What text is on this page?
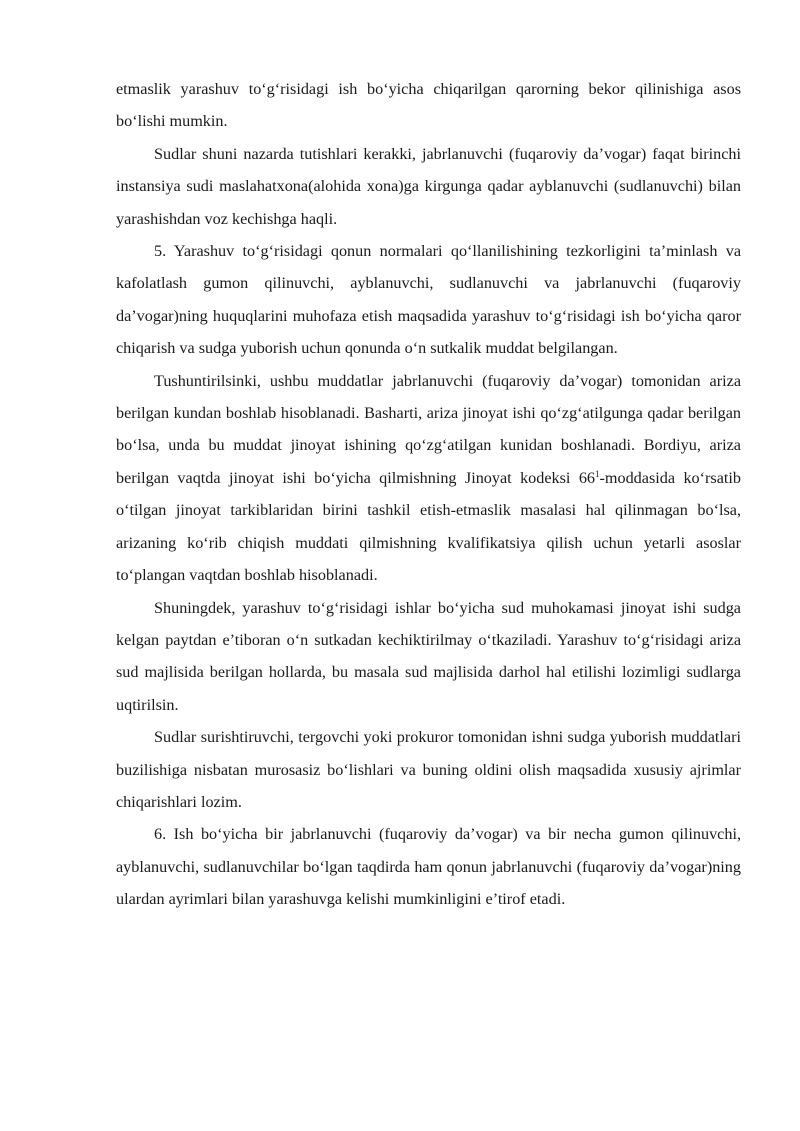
etmaslik yarashuv to‘g‘risidagi ish bo‘yicha chiqarilgan qarorning bekor qilinishiga asos bo‘lishi mumkin.

Sudlar shuni nazarda tutishlari kerakki, jabrlanuvchi (fuqaroviy da’vogar) faqat birinchi instansiya sudi maslahatxona(alohida xona)ga kirgunga qadar ayblanuvchi (sudlanuvchi) bilan yarashishdan voz kechishga haqli.

5. Yarashuv to‘g‘risidagi qonun normalari qo‘llanilishining tezkorligini ta’minlash va kafolatlash gumon qilinuvchi, ayblanuvchi, sudlanuvchi va jabrlanuvchi (fuqaroviy da’vogar)ning huquqlarini muhofaza etish maqsadida yarashuv to‘g‘risidagi ish bo‘yicha qaror chiqarish va sudga yuborish uchun qonunda o‘n sutkalik muddat belgilangan.

Tushuntirilsinki, ushbu muddatlar jabrlanuvchi (fuqaroviy da’vogar) tomonidan ariza berilgan kundan boshlab hisoblanadi. Basharti, ariza jinoyat ishi qo‘zg‘atilgunga qadar berilgan bo‘lsa, unda bu muddat jinoyat ishining qo‘zg‘atilgan kunidan boshlanadi. Bordiyu, ariza berilgan vaqtda jinoyat ishi bo‘yicha qilmishning Jinoyat kodeksi $66^1$-moddasida ko‘rsatib o‘tilgan jinoyat tarkiblaridan birini tashkil etish-etmaslik masalasi hal qilinmagan bo‘lsa, arizaning ko‘rib chiqish muddati qilmishning kvalifikatsiya qilish uchun yetarli asoslar to‘plangan vaqtdan boshlab hisoblanadi.

Shuningdek, yarashuv to‘g‘risidagi ishlar bo‘yicha sud muhokamasi jinoyat ishi sudga kelgan paytdan e’tiboran o‘n sutkadan kechiktirilmay o‘tkaziladi. Yarashuv to‘g‘risidagi ariza sud majlisida berilgan hollarda, bu masala sud majlisida darhol hal etilishi lozimligi sudlarga uqtirilsin.

Sudlar surishtiruvchi, tergovchi yoki prokuror tomonidan ishni sudga yuborish muddatlari buzilishiga nisbatan murosasiz bo‘lishlari va buning oldini olish maqsadida xususiy ajrimlar chiqarishlari lozim.

6. Ish bo‘yicha bir jabrlanuvchi (fuqaroviy da’vogar) va bir necha gumon qilinuvchi, ayblanuvchi, sudlanuvchilar bo‘lgan taqdirda ham qonun jabrlanuvchi (fuqaroviy da’vogar)ning ulardan ayrimlari bilan yarashuvga kelishi mumkinligini e’tirof etadi.
